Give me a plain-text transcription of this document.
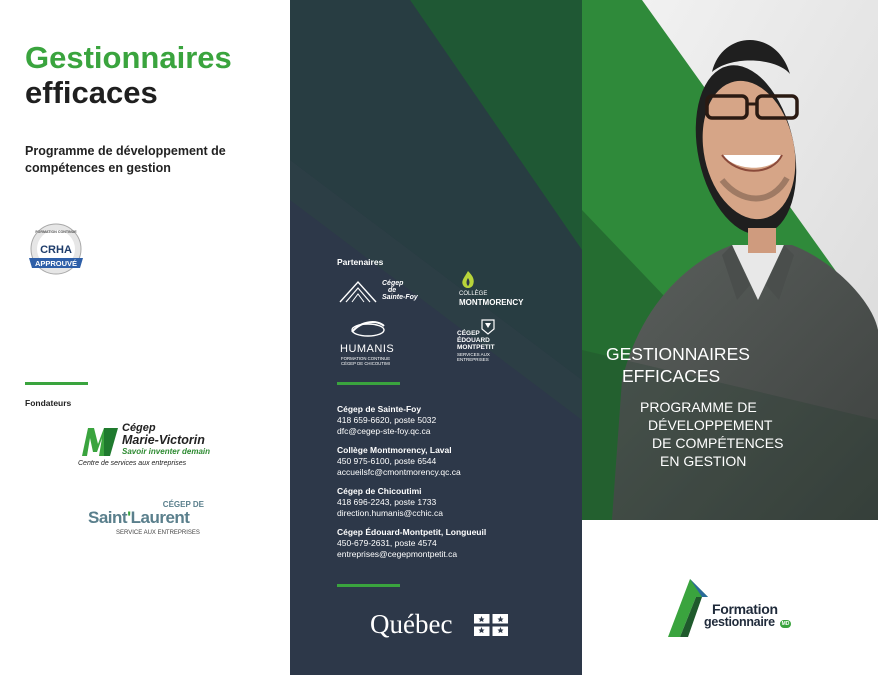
Gestionnaires
efficaces
Programme de développement de compétences en gestion
CRHA
APPROUVÉ
FORMATION CONTINUE
Fondateurs
Cégep
Marie-Victorin
Savoir inventer demain
Centre de services aux entreprises
CÉGEP DE
Saint'Laurent
SERVICE AUX ENTREPRISES
Partenaires
Cégep
de
Sainte-Foy	COLLÈGE
MONTMORENCY
HUMANIS
FORMATION CONTINUE
CÉGEP DE CHICOUTIMI
CÉGEP
ÉDOUARD
MONTPETIT
SERVICES AUX
ENTREPRISES
Cégep de Sainte-Foy
418 659-6620, poste 5032
dfc@cegep-ste-foy.qc.ca
Collège Montmorency, Laval
450 975-6100, poste 6544
accueilsfc@cmontmorency.qc.ca
Cégep de Chicoutimi
418 696-2243, poste 1733
direction.humanis@cchic.ca
Cégep Édouard-Montpetit, Longueuil
450-679-2631, poste 4574
entreprises@cegepmontpetit.ca
Québec
GESTIONNAIRES
EFFICACES
PROGRAMME DE
DÉVELOPPEMENT
DE COMPÉTENCES
EN GESTION
Formation
gestionnaire	MD
